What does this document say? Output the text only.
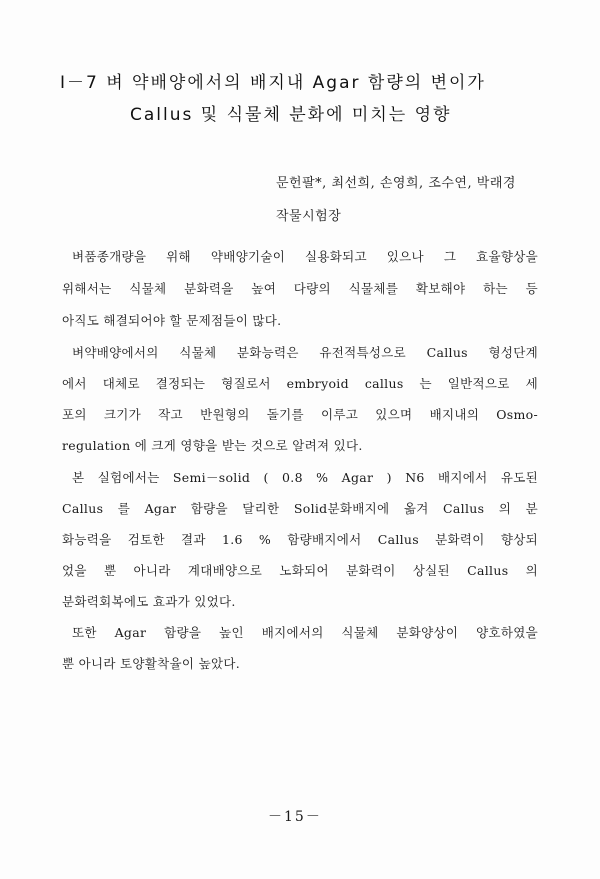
Ⅰ－7 벼 약배양에서의 배지내 Agar 함량의 변이가
Callus 및 식물체 분화에 미치는 영향
문헌팔*, 최선희, 손영희, 조수연, 박래경
작물시험장
벼품종개량을 위해 약배양기술이 실용화되고 있으나 그 효율향상을
위해서는 식물체 분화력을 높여 다량의 식물체를 확보해야 하는 등
아직도 해결되어야 할 문제점들이 많다.
벼약배양에서의 식물체 분화능력은 유전적특성으로 Callus 형성단계
에서 대체로 결정되는 형질로서 embryoid callus 는 일반적으로 세
포의 크기가 작고 반원형의 돌기를 이루고 있으며 배지내의 Osmo-
regulation 에 크게 영향을 받는 것으로 알려져 있다.
본 실험에서는 Semi－solid ( 0.8 % Agar ) N6 배지에서 유도된
Callus 를 Agar 함량을 달리한 Solid분화배지에 옮겨 Callus 의 분
화능력을 검토한 결과 1.6 % 함량배지에서 Callus 분화력이 향상되
었을 뿐 아니라 계대배양으로 노화되어 분화력이 상실된 Callus 의
분화력회복에도 효과가 있었다.
또한 Agar 함량을 높인 배지에서의 식물체 분화양상이 양호하였을
뿐 아니라 토양활착율이 높았다.
－15－
